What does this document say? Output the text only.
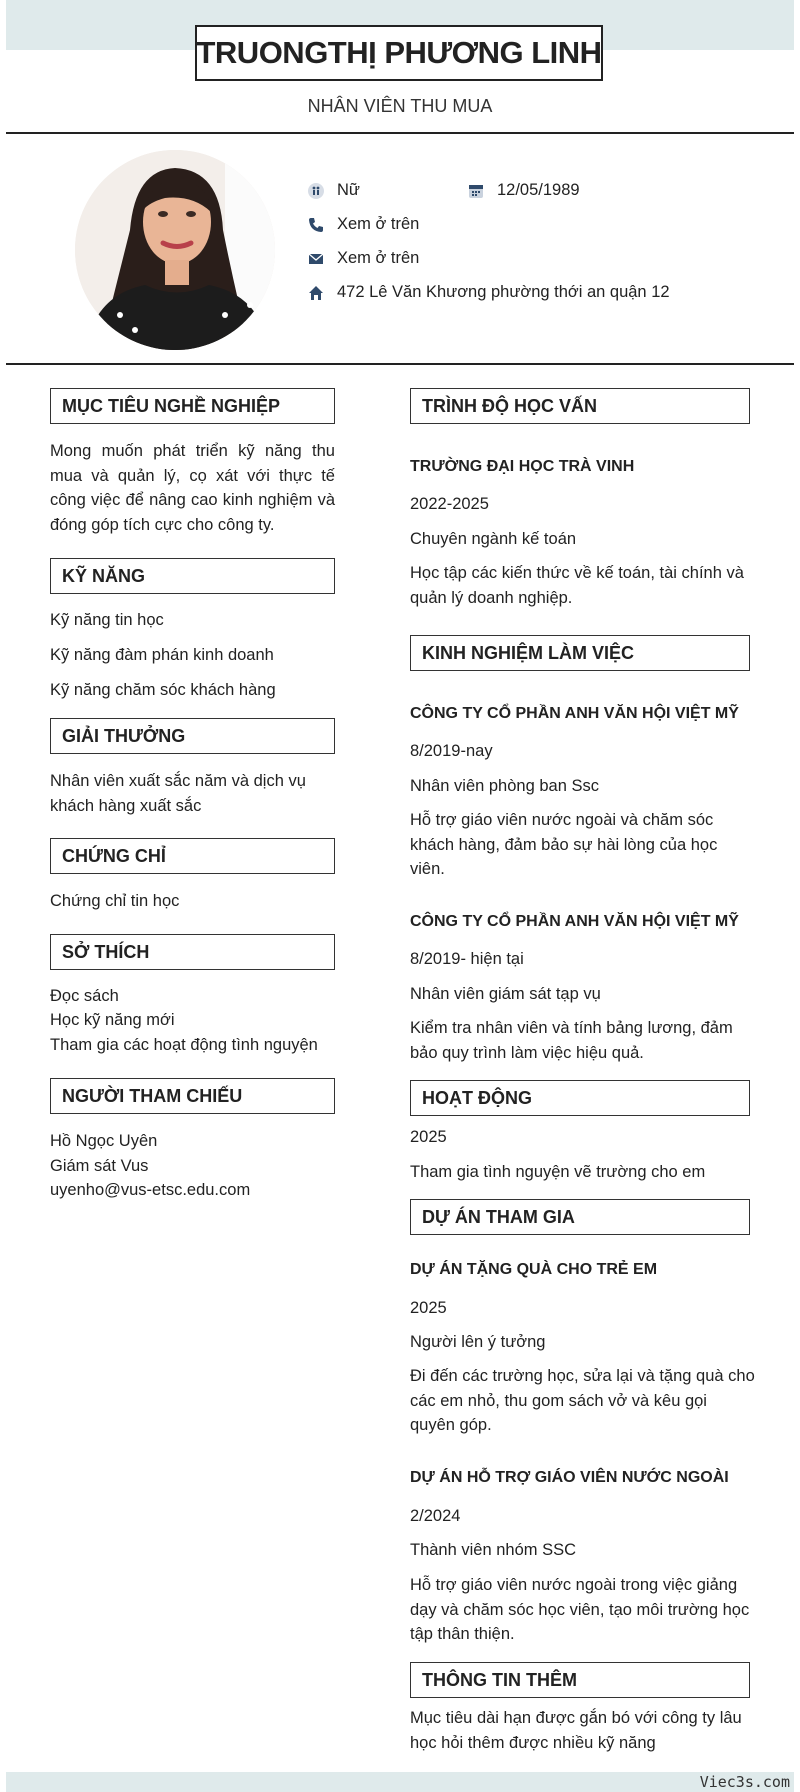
TRUONGTHỊ PHƯƠNG LINH
NHÂN VIÊN THU MUA
Nữ	12/05/1989
Xem ở trên
Xem ở trên
472 Lê Văn Khương phường thới an quận 12
MỤC TIÊU NGHỀ NGHIỆP
Mong muốn phát triển kỹ năng thu mua và quản lý, cọ xát với thực tế công việc để nâng cao kinh nghiệm và đóng góp tích cực cho công ty.
KỸ NĂNG
Kỹ năng tin học
Kỹ năng đàm phán kinh doanh
Kỹ năng chăm sóc khách hàng
GIẢI THƯỞNG
Nhân viên xuất sắc năm và dịch vụ khách hàng xuất sắc
CHỨNG CHỈ
Chứng chỉ tin học
SỞ THÍCH
Đọc sách
Học kỹ năng mới
Tham gia các hoạt động tình nguyện
NGƯỜI THAM CHIẾU
Hồ Ngọc Uyên
Giám sát Vus
uyenho@vus-etsc.edu.com
TRÌNH ĐỘ HỌC VẤN
TRƯỜNG ĐẠI HỌC TRÀ VINH
2022-2025
Chuyên ngành kế toán
Học tập các kiến thức về kế toán, tài chính và quản lý doanh nghiệp.
KINH NGHIỆM LÀM VIỆC
CÔNG TY CỔ PHẦN ANH VĂN HỘI VIỆT MỸ
8/2019-nay
Nhân viên phòng ban Ssc
Hỗ trợ giáo viên nước ngoài và chăm sóc khách hàng, đảm bảo sự hài lòng của học viên.
CÔNG TY CỔ PHẦN ANH VĂN HỘI VIỆT MỸ
8/2019- hiện tại
Nhân viên giám sát tạp vụ
Kiểm tra nhân viên và tính bảng lương, đảm bảo quy trình làm việc hiệu quả.
HOẠT ĐỘNG
2025
Tham gia tình nguyện vẽ trường cho em
DỰ ÁN THAM GIA
DỰ ÁN TẶNG QUÀ CHO TRẺ EM
2025
Người lên ý tưởng
Đi đến các trường học, sửa lại và tặng quà cho các em nhỏ, thu gom sách vở và kêu gọi quyên góp.
DỰ ÁN HỖ TRỢ GIÁO VIÊN NƯỚC NGOÀI
2/2024
Thành viên nhóm SSC
Hỗ trợ giáo viên nước ngoài trong việc giảng dạy và chăm sóc học viên, tạo môi trường học tập thân thiện.
THÔNG TIN THÊM
Mục tiêu dài hạn được gắn bó với công ty lâu học hỏi thêm được nhiều kỹ năng
Viec3s.com
